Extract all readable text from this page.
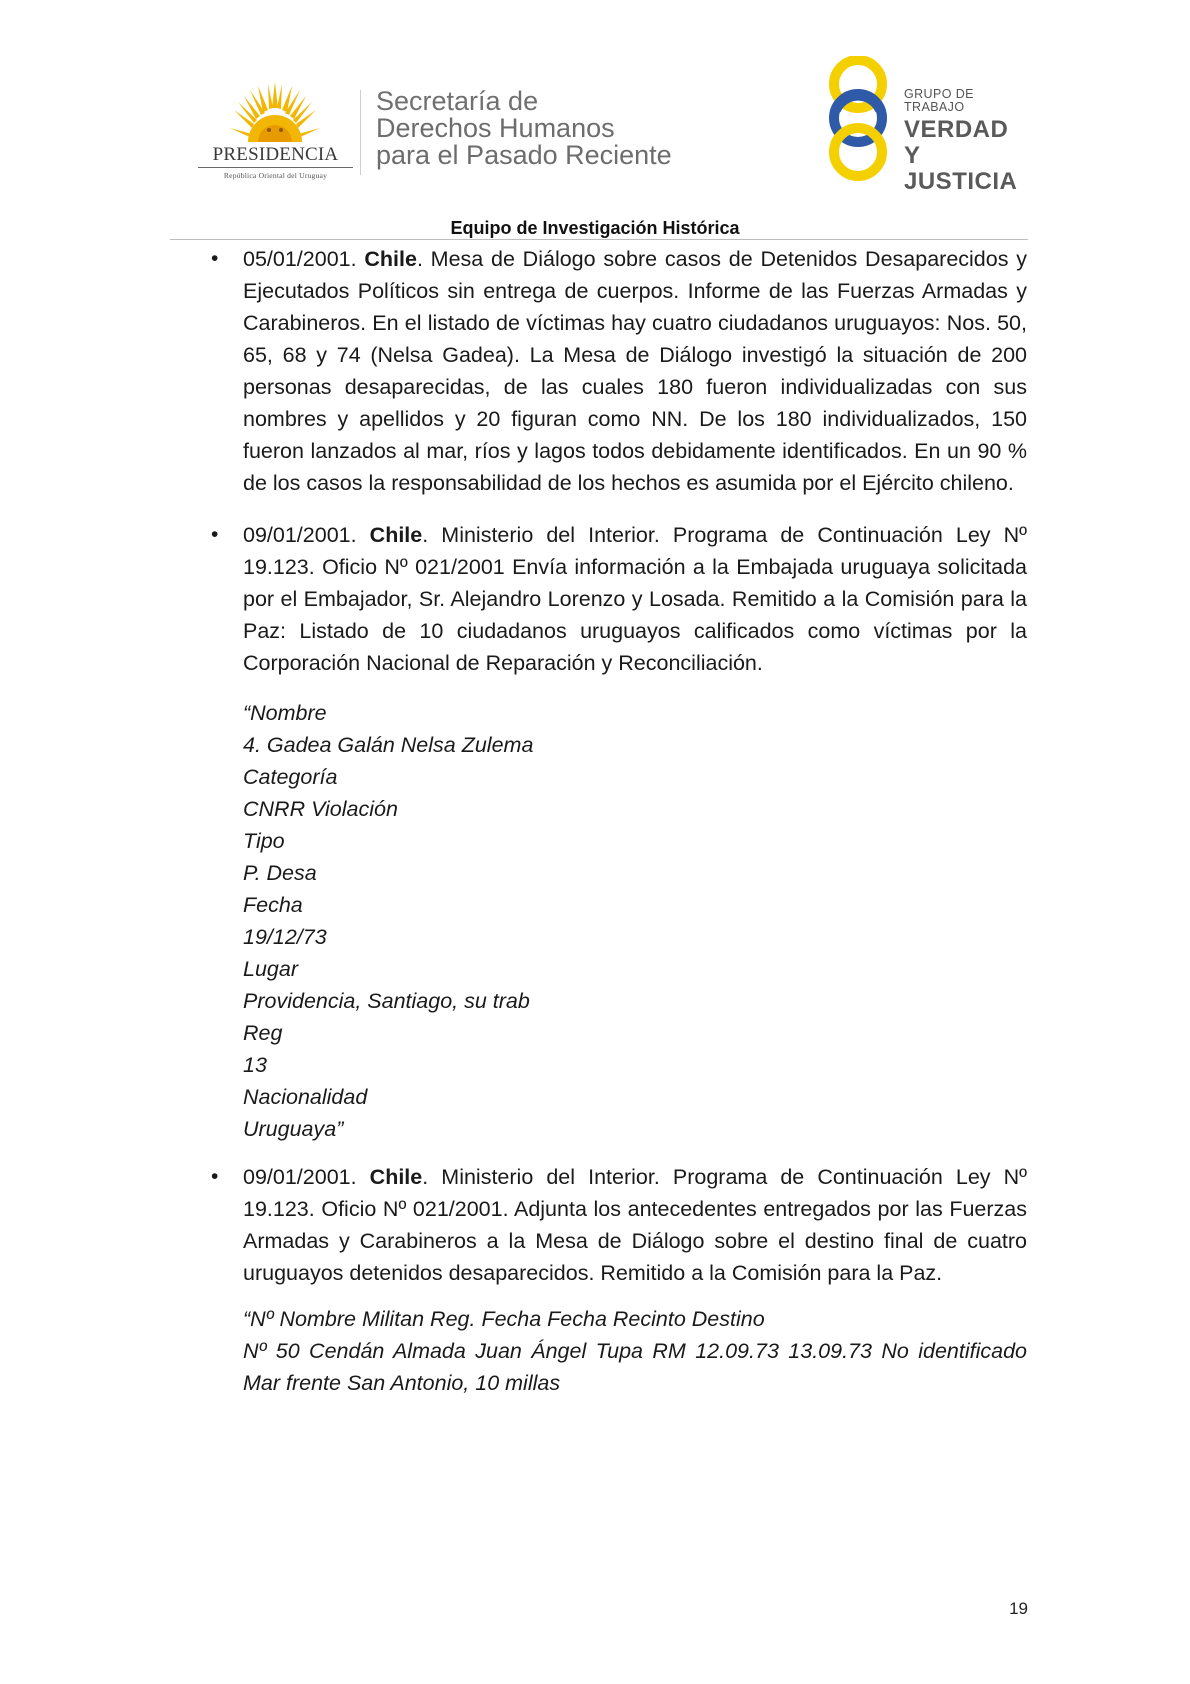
PRESIDENCIA
República Oriental del Uruguay
Secretaría de
Derechos Humanos
para el Pasado Reciente
GRUPO DE TRABAJO
VERDAD Y
JUSTICIA
Equipo de Investigación Histórica
• 05/01/2001. Chile. Mesa de Diálogo sobre casos de Detenidos Desaparecidos y Ejecutados Políticos sin entrega de cuerpos. Informe de las Fuerzas Armadas y Carabineros. En el listado de víctimas hay cuatro ciudadanos uruguayos: Nos. 50, 65, 68 y 74 (Nelsa Gadea). La Mesa de Diálogo investigó la situación de 200 personas desaparecidas, de las cuales 180 fueron individualizadas con sus nombres y apellidos y 20 figuran como NN. De los 180 individualizados, 150 fueron lanzados al mar, ríos y lagos todos debidamente identificados. En un 90 % de los casos la responsabilidad de los hechos es asumida por el Ejército chileno.

• 09/01/2001. Chile. Ministerio del Interior. Programa de Continuación Ley Nº 19.123. Oficio Nº 021/2001 Envía información a la Embajada uruguaya solicitada por el Embajador, Sr. Alejandro Lorenzo y Losada. Remitido a la Comisión para la Paz: Listado de 10 ciudadanos uruguayos calificados como víctimas por la Corporación Nacional de Reparación y Reconciliación.

“Nombre
4. Gadea Galán Nelsa Zulema
Categoría
CNRR Violación
Tipo
P. Desa
Fecha
19/12/73
Lugar
Providencia, Santiago, su trab
Reg
13
Nacionalidad
Uruguaya”
• 09/01/2001. Chile. Ministerio del Interior. Programa de Continuación Ley Nº 19.123. Oficio Nº 021/2001. Adjunta los antecedentes entregados por las Fuerzas Armadas y Carabineros a la Mesa de Diálogo sobre el destino final de cuatro uruguayos detenidos desaparecidos. Remitido a la Comisión para la Paz.

“Nº Nombre Militan Reg. Fecha Fecha Recinto Destino

Nº 50 Cendán Almada Juan Ángel Tupa RM 12.09.73 13.09.73 No identificado Mar frente San Antonio, 10 millas

19
